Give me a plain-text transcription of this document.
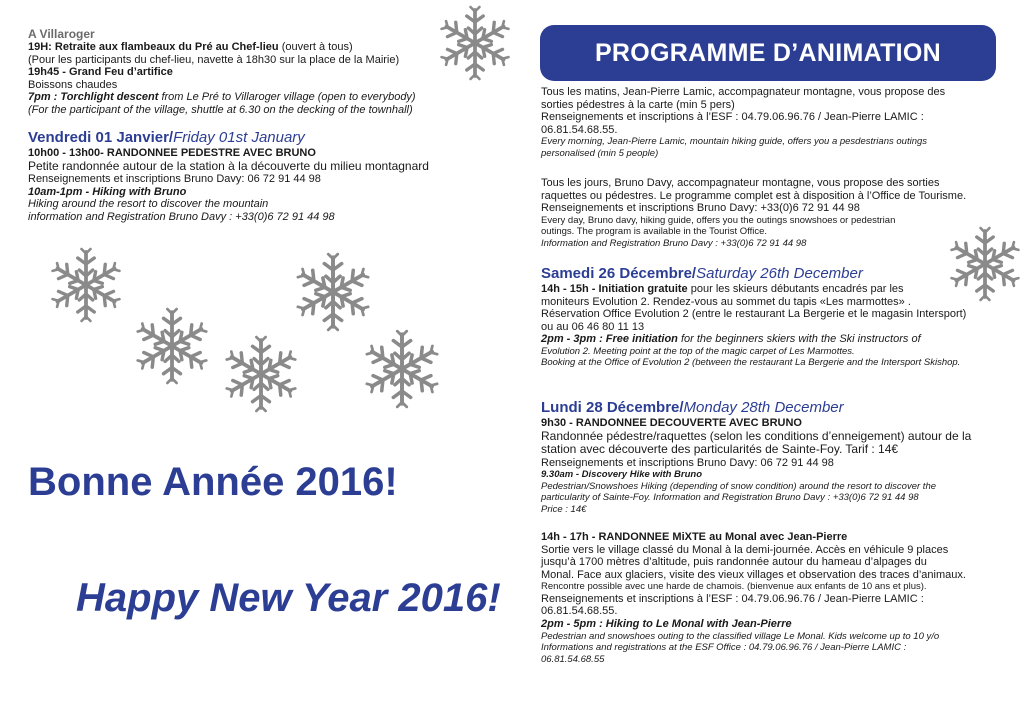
A Villaroger
19H: Retraite aux flambeaux du Pré au Chef-lieu (ouvert à tous)
(Pour les participants du chef-lieu, navette à 18h30 sur la place de la Mairie)
19h45 - Grand Feu d’artifice
Boissons chaudes
7pm : Torchlight descent from Le Pré to Villaroger village (open to everybody)
(For the participant of the village, shuttle at 6.30 on the decking of the townhall)
Vendredi 01 Janvier/Friday 01st January
10h00 - 13h00- RANDONNEE PEDESTRE AVEC BRUNO
Petite randonnée autour de la station à la découverte du milieu montagnard
Renseignements et inscriptions Bruno Davy: 06 72 91 44 98
10am-1pm - Hiking with Bruno
Hiking around the resort to discover the mountain
information and Registration Bruno Davy : +33(0)6 72 91 44 98
Bonne Année 2016!
Happy New Year 2016!
PROGRAMME D’ANIMATION
Tous les matins, Jean-Pierre Lamic, accompagnateur montagne, vous propose des
sorties pédestres à la carte (min 5 pers)
Renseignements et inscriptions à l’ESF : 04.79.06.96.76 / Jean-Pierre LAMIC :
06.81.54.68.55.
Every morning, Jean-Pierre Lamic, mountain hiking guide, offers you a pesdestrians outings
personalised (min 5 people)
Tous les jours, Bruno Davy, accompagnateur montagne, vous propose des sorties
raquettes ou pédestres. Le programme complet est à disposition à l’Office de Tourisme.
Renseignements et inscriptions Bruno Davy: +33(0)6 72 91 44 98
Every day, Bruno davy, hiking guide, offers you the outings snowshoes or pedestrian
outings. The program is available in the Tourist Office.
Information and Registration Bruno Davy : +33(0)6 72 91 44 98
Samedi 26 Décembre/Saturday 26th December
14h - 15h - Initiation gratuite pour les skieurs débutants encadrés par les
moniteurs Evolution 2. Rendez-vous au sommet du tapis «Les marmottes» .
Réservation Office Evolution 2 (entre le restaurant La Bergerie et le magasin Intersport)
ou au 06 46 80 11 13
2pm - 3pm : Free initiation for the beginners skiers with the Ski instructors of
Evolution 2. Meeting point at the top of the magic carpet of Les Marmottes.
Booking at the Office of Evolution 2 (between the restaurant La Bergerie and the Intersport Skishop.
Lundi 28 Décembre/Monday 28th December
9h30 - RANDONNEE DECOUVERTE AVEC BRUNO
Randonnée pédestre/raquettes (selon les conditions d’enneigement) autour de la
station avec découverte des particularités de Sainte-Foy. Tarif : 14€
Renseignements et inscriptions Bruno Davy: 06 72 91 44 98
9.30am - Discovery Hike with Bruno
Pedestrian/Snowshoes Hiking (depending of snow condition) around the resort to discover the
particularity of Sainte-Foy. Information and Registration Bruno Davy : +33(0)6 72 91 44 98
Price : 14€
14h - 17h - RANDONNEE MiXTE au Monal avec Jean-Pierre
Sortie vers le village classé du Monal à la demi-journée. Accès en véhicule 9 places
jusqu’à 1700 mètres d’altitude, puis randonnée autour du hameau d’alpages du
Monal. Face aux glaciers, visite des vieux villages et observation des traces d’animaux.
Rencontre possible avec une harde de chamois. (bienvenue aux enfants de 10 ans et plus).
Renseignements et inscriptions à l’ESF : 04.79.06.96.76 / Jean-Pierre LAMIC :
06.81.54.68.55.
2pm - 5pm : Hiking to Le Monal with Jean-Pierre
Pedestrian and snowshoes outing to the classified village Le Monal. Kids welcome up to 10 y/o
Informations and registrations at the ESF Office : 04.79.06.96.76 / Jean-Pierre LAMIC :
06.81.54.68.55
